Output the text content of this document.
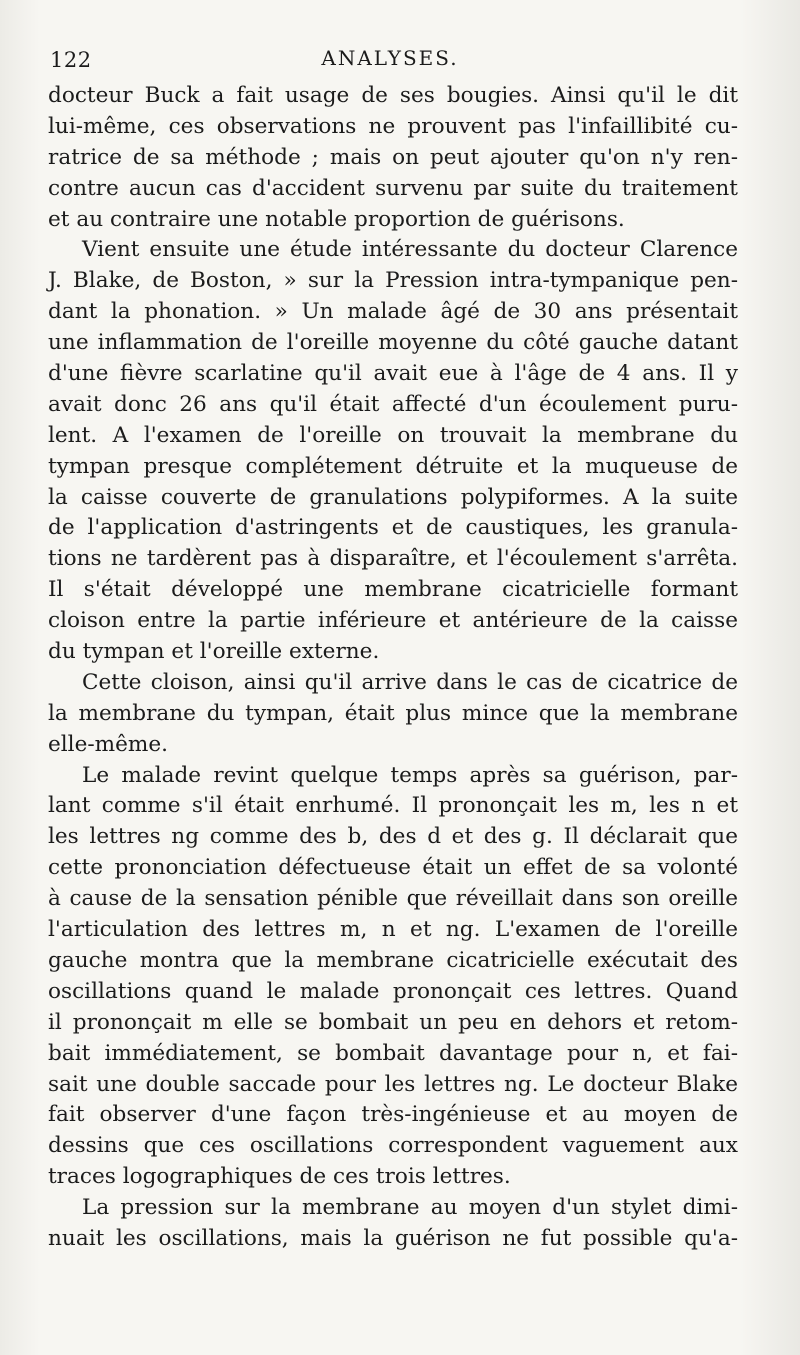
122	ANALYSES.
docteur Buck a fait usage de ses bougies. Ainsi qu'il le dit
lui-même, ces observations ne prouvent pas l'infaillibité cu-
ratrice de sa méthode ; mais on peut ajouter qu'on n'y ren-
contre aucun cas d'accident survenu par suite du traitement
et au contraire une notable proportion de guérisons.
Vient ensuite une étude intéressante du docteur Clarence
J. Blake, de Boston, » sur la Pression intra-tympanique pen-
dant la phonation. » Un malade âgé de 30 ans présentait
une inflammation de l'oreille moyenne du côté gauche datant
d'une fièvre scarlatine qu'il avait eue à l'âge de 4 ans. Il y
avait donc 26 ans qu'il était affecté d'un écoulement puru-
lent. A l'examen de l'oreille on trouvait la membrane du
tympan presque complétement détruite et la muqueuse de
la caisse couverte de granulations polypiformes. A la suite
de l'application d'astringents et de caustiques, les granula-
tions ne tardèrent pas à disparaître, et l'écoulement s'arrêta.
Il s'était développé une membrane cicatricielle formant
cloison entre la partie inférieure et antérieure de la caisse
du tympan et l'oreille externe.
Cette cloison, ainsi qu'il arrive dans le cas de cicatrice de
la membrane du tympan, était plus mince que la membrane
elle-même.
Le malade revint quelque temps après sa guérison, par-
lant comme s'il était enrhumé. Il prononçait les m, les n et
les lettres ng comme des b, des d et des g. Il déclarait que
cette prononciation défectueuse était un effet de sa volonté
à cause de la sensation pénible que réveillait dans son oreille
l'articulation des lettres m, n et ng. L'examen de l'oreille
gauche montra que la membrane cicatricielle exécutait des
oscillations quand le malade prononçait ces lettres. Quand
il prononçait m elle se bombait un peu en dehors et retom-
bait immédiatement, se bombait davantage pour n, et fai-
sait une double saccade pour les lettres ng. Le docteur Blake
fait observer d'une façon très-ingénieuse et au moyen de
dessins que ces oscillations correspondent vaguement aux
traces logographiques de ces trois lettres.
La pression sur la membrane au moyen d'un stylet dimi-
nuait les oscillations, mais la guérison ne fut possible qu'a-
